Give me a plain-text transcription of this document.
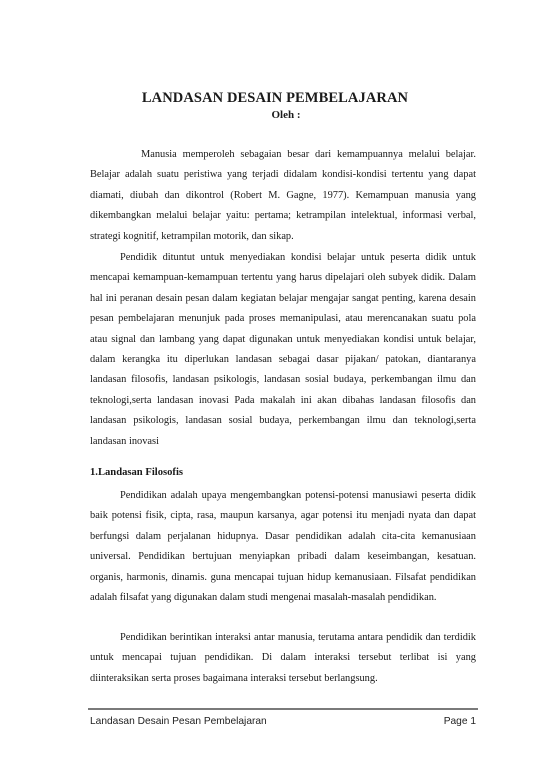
LANDASAN DESAIN PEMBELAJARAN
Oleh :

Manusia memperoleh sebagaian besar dari kemampuannya melalui belajar. Belajar adalah suatu peristiwa yang terjadi didalam kondisi-kondisi tertentu yang dapat diamati, diubah dan dikontrol (Robert M. Gagne, 1977). Kemampuan manusia yang dikembangkan melalui belajar yaitu: pertama; ketrampilan intelektual, informasi verbal, strategi kognitif, ketrampilan motorik, dan sikap.

Pendidik dituntut untuk menyediakan kondisi belajar untuk peserta didik untuk mencapai kemampuan-kemampuan tertentu yang harus dipelajari oleh subyek didik. Dalam hal ini peranan desain pesan dalam kegiatan belajar mengajar sangat penting, karena desain pesan pembelajaran menunjuk pada proses memanipulasi, atau merencanakan suatu pola atau signal dan lambang yang dapat digunakan untuk menyediakan kondisi untuk belajar, dalam kerangka itu diperlukan landasan sebagai dasar pijakan/ patokan, diantaranya landasan filosofis, landasan psikologis, landasan sosial budaya, perkembangan ilmu dan teknologi,serta landasan inovasi Pada makalah ini akan dibahas landasan filosofis dan landasan psikologis, landasan sosial budaya, perkembangan ilmu dan teknologi,serta landasan inovasi

1.Landasan Filosofis

Pendidikan adalah upaya mengembangkan potensi-potensi manusiawi peserta didik baik potensi fisik, cipta, rasa, maupun karsanya, agar potensi itu menjadi nyata dan dapat berfungsi dalam perjalanan hidupnya. Dasar pendidikan adalah cita-cita kemanusiaan universal. Pendidikan bertujuan menyiapkan pribadi dalam keseimbangan, kesatuan. organis, harmonis, dinamis. guna mencapai tujuan hidup kemanusiaan. Filsafat pendidikan adalah filsafat yang digunakan dalam studi mengenai masalah-masalah pendidikan.

Pendidikan berintikan interaksi antar manusia, terutama antara pendidik dan terdidik untuk mencapai tujuan pendidikan. Di dalam interaksi tersebut terlibat isi yang diinteraksikan serta proses bagaimana interaksi tersebut berlangsung.

Landasan Desain Pesan Pembelajaran	Page 1
